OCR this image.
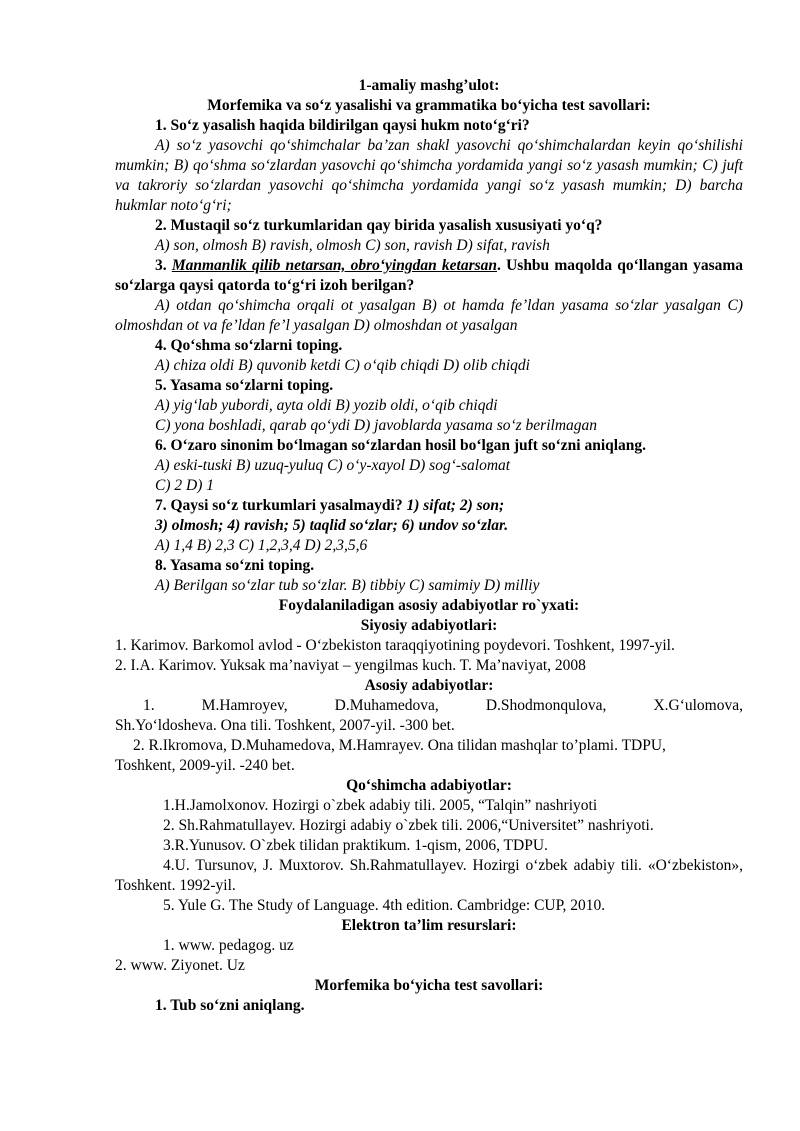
1-amaliy mashg’ulot:

Morfemika va so‘z yasalishi va grammatika bo‘yicha test savollari:

1. So‘z yasalish haqida bildirilgan qaysi hukm noto‘g‘ri?

A) so‘z yasovchi qo‘shimchalar ba’zan shakl yasovchi qo‘shimchalardan keyin qo‘shilishi mumkin; B) qo‘shma so‘zlardan yasovchi qo‘shimcha yordamida yangi so‘z yasash mumkin; C) juft va takroriy so‘zlardan yasovchi qo‘shimcha yordamida yangi so‘z yasash mumkin; D) barcha hukmlar noto‘g‘ri;

2. Mustaqil so‘z turkumlaridan qay birida yasalish xususiyati yo‘q?

A) son, olmosh B) ravish, olmosh C) son, ravish D) sifat, ravish

3. Manmanlik qilib netarsan, obro‘yingdan ketarsan. Ushbu maqolda qo‘llangan yasama so‘zlarga qaysi qatorda to‘g‘ri izoh berilgan?

A) otdan qo‘shimcha orqali ot yasalgan B) ot hamda fe’ldan yasama so‘zlar yasalgan C) olmoshdan ot va fe’ldan fe’l yasalgan D) olmoshdan ot yasalgan

4. Qo‘shma so‘zlarni toping.

A) chiza oldi B) quvonib ketdi C) o‘qib chiqdi D) olib chiqdi

5. Yasama so‘zlarni toping.

A) yig‘lab yubordi, ayta oldi B) yozib oldi, o‘qib chiqdi

C) yona boshladi, qarab qo‘ydi D) javoblarda yasama so‘z berilmagan

6. O‘zaro sinonim bo‘lmagan so‘zlardan hosil bo‘lgan juft so‘zni aniqlang.

A) eski-tuski B) uzuq-yuluq C) o‘y-xayol D) sog‘-salomat

C) 2 D) 1

7. Qaysi so‘z turkumlari yasalmaydi? 1) sifat; 2) son;

3) olmosh; 4) ravish; 5) taqlid so‘zlar; 6) undov so‘zlar.

A) 1,4 B) 2,3 C) 1,2,3,4 D) 2,3,5,6

8. Yasama so‘zni toping.

A) Berilgan so‘zlar tub so‘zlar. B) tibbiy C) samimiy D) milliy

Foydalaniladigan asosiy adabiyotlar ro`yxati:

Siyosiy adabiyotlari:

1. Karimov. Barkomol avlod - O‘zbekiston taraqqiyotining poydevori. Toshkent, 1997-yil.

2. I.A. Karimov. Yuksak ma’naviyat – yengilmas kuch. T. Ma’naviyat, 2008

Asosiy adabiyotlar:

1.	M.Hamroyev,	D.Muhamedova,	D.Shodmonqulova,	X.G‘ulomova,

Sh.Yo‘ldosheva. Ona tili. Toshkent, 2007-yil. -300 bet.

2. R.Ikromova, D.Muhamedova, M.Hamrayev. Ona tilidan mashqlar to’plami. TDPU,

Toshkent, 2009-yil. -240 bet.

Qo‘shimcha adabiyotlar:

1.H.Jamolxonov. Hozirgi o`zbek adabiy tili. 2005, “Talqin” nashriyoti

2. Sh.Rahmatullayev. Hozirgi adabiy o`zbek tili. 2006,“Universitet” nashriyoti.

3.R.Yunusov. O`zbek tilidan praktikum. 1-qism, 2006, TDPU.

4.U. Tursunov, J. Muxtorov. Sh.Rahmatullayev. Hozirgi o‘zbek adabiy tili. «O‘zbekiston», Toshkent. 1992-yil.

5. Yule G. The Study of Language. 4th edition. Cambridge: CUP, 2010.

Elektron ta’lim resurslari:

1. www. pedagog. uz

2. www. Ziyonet. Uz

Morfemika bo‘yicha test savollari:

1. Tub so‘zni aniqlang.
